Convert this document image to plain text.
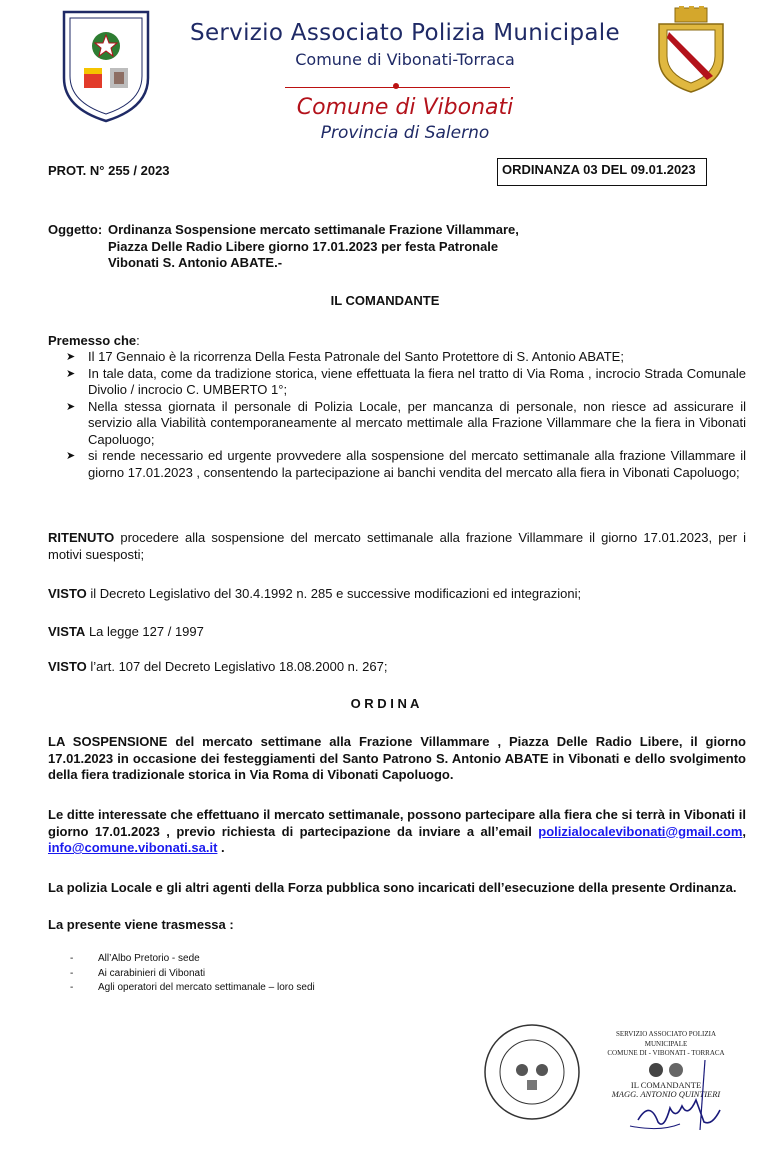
Servizio Associato Polizia Municipale
Comune di Vibonati-Torraca
Comune di Vibonati
Provincia di Salerno
PROT. N° 255 / 2023	ORDINANZA 03 DEL 09.01.2023
Oggetto: Ordinanza Sospensione mercato settimanale Frazione Villammare,
Piazza Delle Radio Libere giorno 17.01.2023 per festa Patronale
Vibonati S. Antonio ABATE.-
IL COMANDANTE
Premesso che:
➤ Il 17 Gennaio è la ricorrenza Della Festa Patronale del Santo Protettore di S. Antonio ABATE;
➤ In tale data, come da tradizione storica, viene effettuata la fiera nel tratto di Via Roma , incrocio Strada Comunale Divolio / incrocio C. UMBERTO 1°;
➤ Nella stessa giornata il personale di Polizia Locale, per mancanza di personale, non riesce ad assicurare il servizio alla Viabilità contemporaneamente al mercato mettimale alla Frazione Villammare che la fiera in Vibonati Capoluogo;
➤ si rende necessario ed urgente provvedere alla sospensione del mercato settimanale alla frazione Villammare il giorno 17.01.2023 , consentendo la partecipazione ai banchi vendita del mercato alla fiera in Vibonati Capoluogo;
RITENUTO procedere alla sospensione del mercato settimanale alla frazione Villammare il giorno 17.01.2023, per i motivi suesposti;
VISTO il Decreto Legislativo del 30.4.1992 n. 285 e successive modificazioni ed integrazioni;
VISTA La legge 127 / 1997
VISTO l’art. 107 del Decreto Legislativo 18.08.2000 n. 267;
O R D I N A
LA SOSPENSIONE del mercato settimane alla Frazione Villammare , Piazza Delle Radio Libere, il giorno 17.01.2023 in occasione dei festeggiamenti del Santo Patrono S. Antonio ABATE in Vibonati e dello svolgimento della fiera tradizionale storica in Via Roma di Vibonati Capoluogo.
Le ditte interessate che effettuano il mercato settimanale, possono partecipare alla fiera che si terrà in Vibonati il giorno 17.01.2023 , previo richiesta di partecipazione da inviare a all’email polizialocalevibonati@gmail.com, info@comune.vibonati.sa.it .
La polizia Locale e gli altri agenti della Forza pubblica sono incaricati dell’esecuzione della presente Ordinanza.
La presente viene trasmessa :
- All’Albo Pretorio - sede
- Ai carabinieri di Vibonati
- Agli operatori del mercato settimanale – loro sedi
SERVIZIO ASSOCIATO POLIZIA MUNICIPALE
COMUNE DI - VIBONATI - TORRACA
IL COMANDANTE
MAGG. ANTONIO QUINTIERI
